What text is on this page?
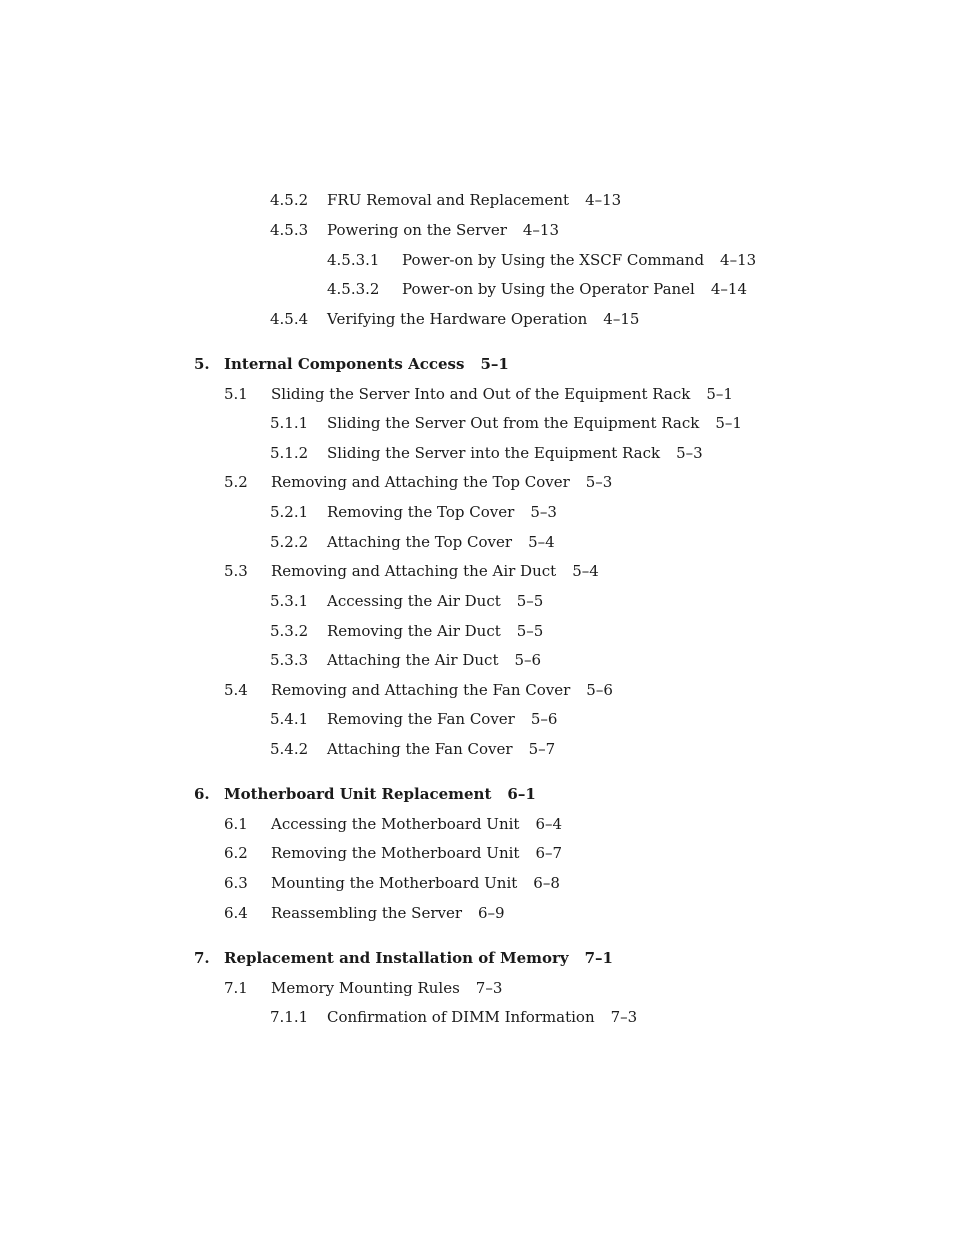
4.5.2 FRU Removal and Replacement 4–13
4.5.3 Powering on the Server 4–13
4.5.3.1 Power-on by Using the XSCF Command 4–13
4.5.3.2 Power-on by Using the Operator Panel 4–14
4.5.4 Verifying the Hardware Operation 4–15
5. Internal Components Access 5–1
5.1 Sliding the Server Into and Out of the Equipment Rack 5–1
5.1.1 Sliding the Server Out from the Equipment Rack 5–1
5.1.2 Sliding the Server into the Equipment Rack 5–3
5.2 Removing and Attaching the Top Cover 5–3
5.2.1 Removing the Top Cover 5–3
5.2.2 Attaching the Top Cover 5–4
5.3 Removing and Attaching the Air Duct 5–4
5.3.1 Accessing the Air Duct 5–5
5.3.2 Removing the Air Duct 5–5
5.3.3 Attaching the Air Duct 5–6
5.4 Removing and Attaching the Fan Cover 5–6
5.4.1 Removing the Fan Cover 5–6
5.4.2 Attaching the Fan Cover 5–7
6. Motherboard Unit Replacement 6–1
6.1 Accessing the Motherboard Unit 6–4
6.2 Removing the Motherboard Unit 6–7
6.3 Mounting the Motherboard Unit 6–8
6.4 Reassembling the Server 6–9
7. Replacement and Installation of Memory 7–1
7.1 Memory Mounting Rules 7–3
7.1.1 Confirmation of DIMM Information 7–3
